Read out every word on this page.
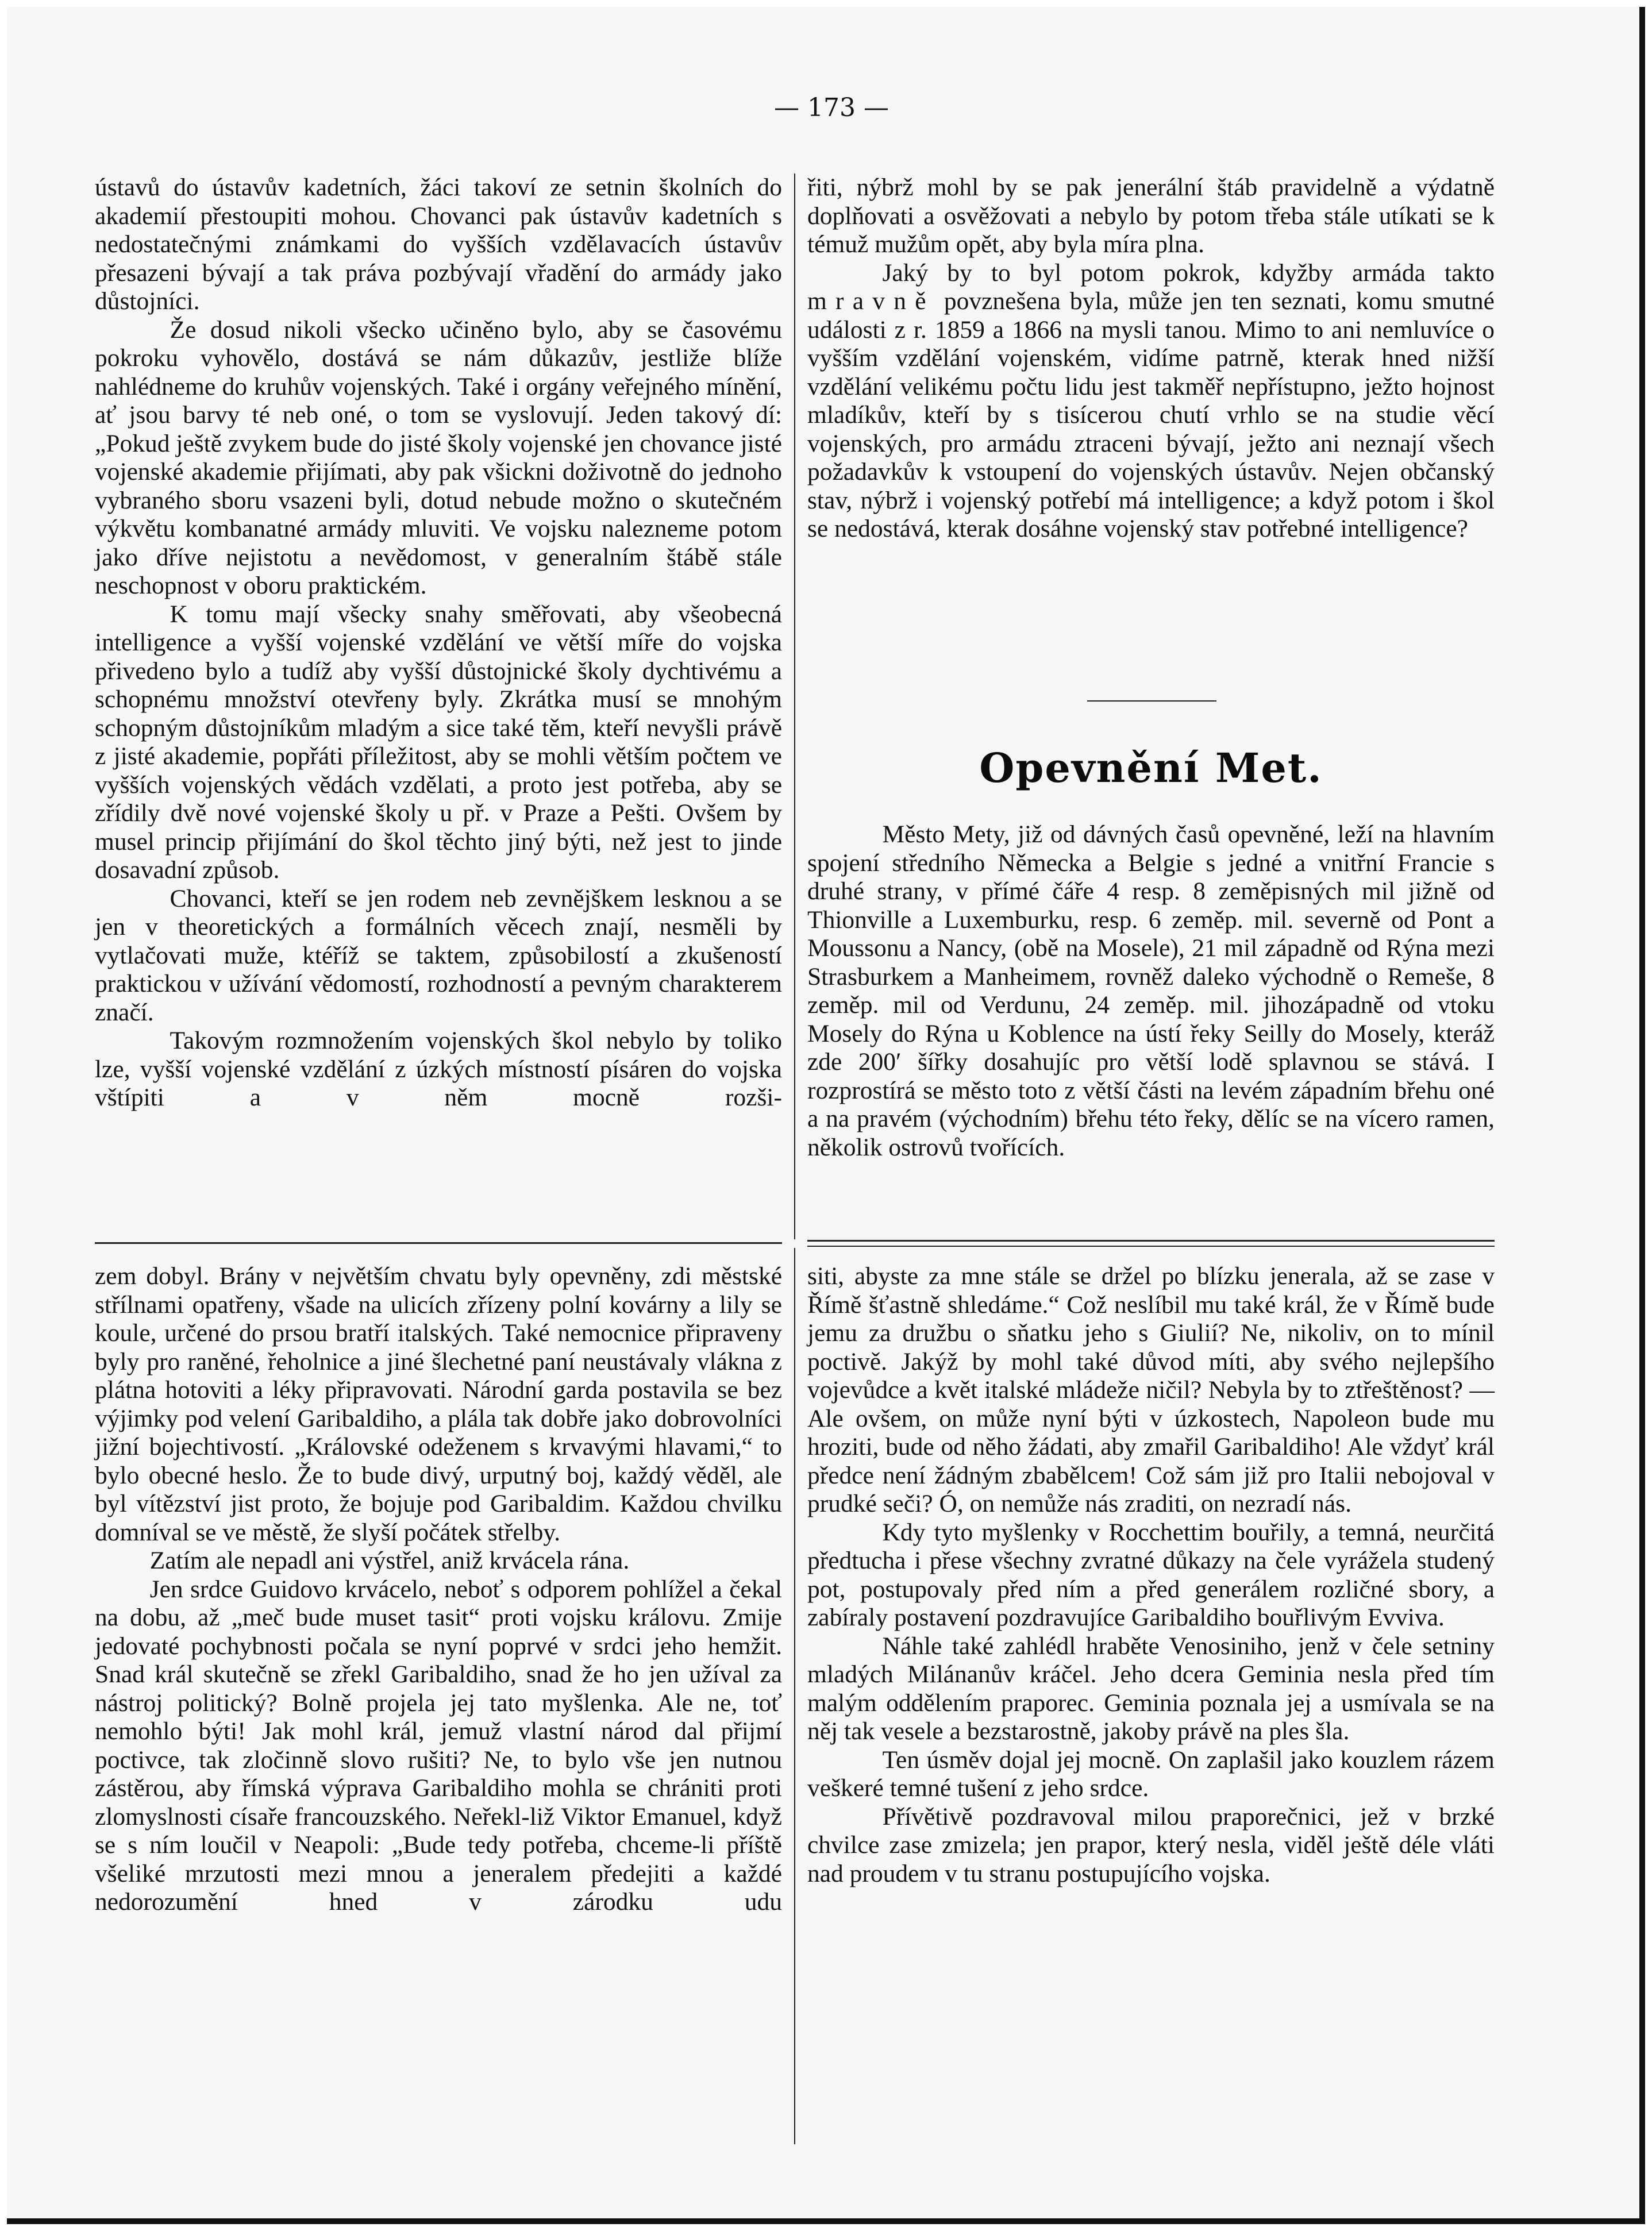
— 173 —

ústavů do ústavův kadetních, žáci takoví ze setnin školních do akademií přestoupiti mohou. Chovanci pak ústavův kadetních s nedostatečnými známkami do vyšších vzdělavacích ústavův přesazeni bývají a tak práva pozbývají vřadění do armády jako důstojníci.

Že dosud nikoli všecko učiněno bylo, aby se časovému pokroku vyhovělo, dostává se nám důkazův, jestliže blíže nahlédneme do kruhův vojenských. Také i orgány veřejného mínění, ať jsou barvy té neb oné, o tom se vyslovují. Jeden takový dí: „Pokud ještě zvykem bude do jisté školy vojenské jen chovance jisté vojenské akademie přijímati, aby pak všickni doživotně do jednoho vybraného sboru vsazeni byli, dotud nebude možno o skutečném výkvětu kombanatné armády mluviti. Ve vojsku nalezneme potom jako dříve nejistotu a nevědomost, v generalním štábě stále neschopnost v oboru praktickém.

K tomu mají všecky snahy směřovati, aby všeobecná intelligence a vyšší vojenské vzdělání ve větší míře do vojska přivedeno bylo a tudíž aby vyšší důstojnické školy dychtivému a schopnému množství otevřeny byly. Zkrátka musí se mnohým schopným důstojníkům mladým a sice také těm, kteří nevyšli právě z jisté akademie, popřáti příležitost, aby se mohli větším počtem ve vyšších vojenských vědách vzdělati, a proto jest potřeba, aby se zřídily dvě nové vojenské školy u př. v Praze a Pešti. Ovšem by musel princip přijímání do škol těchto jiný býti, než jest to jinde dosavadní způsob.

Chovanci, kteří se jen rodem neb zevnějškem lesknou a se jen v theoretických a formálních věcech znají, nesměli by vytlačovati muže, ktéříž se taktem, způsobilostí a zkušeností praktickou v užívání vědomostí, rozhodností a pevným charakterem značí.

Takovým rozmnožením vojenských škol nebylo by toliko lze, vyšší vojenské vzdělání z úzkých místností písáren do vojska vštípiti a v něm mocně rozši-

řiti, nýbrž mohl by se pak jenerální štáb pravidelně a výdatně doplňovati a osvěžovati a nebylo by potom třeba stále utíkati se k témuž mužům opět, aby byla míra plna.

Jaký by to byl potom pokrok, kdyžby armáda takto mravně povznešena byla, může jen ten seznati, komu smutné události z r. 1859 a 1866 na mysli tanou. Mimo to ani nemluvíce o vyšším vzdělání vojenském, vidíme patrně, kterak hned nižší vzdělání velikému počtu lidu jest takměř nepřístupno, ježto hojnost mladíkův, kteří by s tisícerou chutí vrhlo se na studie věcí vojenských, pro armádu ztraceni bývají, ježto ani neznají všech požadavkův k vstoupení do vojenských ústavův. Nejen občanský stav, nýbrž i vojenský potřebí má intelligence; a když potom i škol se nedostává, kterak dosáhne vojenský stav potřebné intelligence?

Opevnění Met.

Město Mety, již od dávných časů opevněné, leží na hlavním spojení středního Německa a Belgie s jedné a vnitřní Francie s druhé strany, v přímé čáře 4 resp. 8 zeměpisných mil jižně od Thionville a Luxemburku, resp. 6 zeměp. mil. severně od Pont a Moussonu a Nancy, (obě na Mosele), 21 mil západně od Rýna mezi Strasburkem a Manheimem, rovněž daleko východně o Remeše, 8 zeměp. mil od Verdunu, 24 zeměp. mil. jihozápadně od vtoku Mosely do Rýna u Koblence na ústí řeky Seilly do Mosely, kteráž zde 200′ šířky dosahujíc pro větší lodě splavnou se stává. I rozprostírá se město toto z větší části na levém západním břehu oné a na pravém (východním) břehu této řeky, dělíc se na vícero ramen, několik ostrovů tvořících.

zem dobyl. Brány v největším chvatu byly opevněny, zdi městské střílnami opatřeny, všade na ulicích zřízeny polní kovárny a lily se koule, určené do prsou bratří italských. Také nemocnice připraveny byly pro raněné, řeholnice a jiné šlechetné paní neustávaly vlákna z plátna hotoviti a léky připravovati. Národní garda postavila se bez výjimky pod velení Garibaldiho, a plála tak dobře jako dobrovolníci jižní bojechtivostí. „Královské odeženem s krvavými hlavami,“ to bylo obecné heslo. Že to bude divý, urputný boj, každý věděl, ale byl vítězství jist proto, že bojuje pod Garibaldim. Každou chvilku domníval se ve městě, že slyší počátek střelby.

Zatím ale nepadl ani výstřel, aniž krvácela rána.

Jen srdce Guidovo krvácelo, neboť s odporem pohlížel a čekal na dobu, až „meč bude muset tasit“ proti vojsku královu. Zmije jedovaté pochybnosti počala se nyní poprvé v srdci jeho hemžit. Snad král skutečně se zřekl Garibaldiho, snad že ho jen užíval za nástroj politický? Bolně projela jej tato myšlenka. Ale ne, toť nemohlo býti! Jak mohl král, jemuž vlastní národ dal přijmí poctivce, tak zločinně slovo rušiti? Ne, to bylo vše jen nutnou zástěrou, aby římská výprava Garibaldiho mohla se chrániti proti zlomyslnosti císaře francouzského. Neřekl-liž Viktor Emanuel, když se s ním loučil v Neapoli: „Bude tedy potřeba, chceme-li příště všeliké mrzutosti mezi mnou a jeneralem předejiti a každé nedorozumění hned v zárodku udu

siti, abyste za mne stále se držel po blízku jenerala, až se zase v Římě šťastně shledáme.“ Což neslíbil mu také král, že v Římě bude jemu za družbu o sňatku jeho s Giulií? Ne, nikoliv, on to mínil poctivě. Jakýž by mohl také důvod míti, aby svého nejlepšího vojevůdce a květ italské mládeže ničil? Nebyla by to ztřeštěnost? — Ale ovšem, on může nyní býti v úzkostech, Napoleon bude mu hroziti, bude od něho žádati, aby zmařil Garibaldiho! Ale vždyť král předce není žádným zbabělcem! Což sám již pro Italii nebojoval v prudké seči? Ó, on nemůže nás zraditi, on nezradí nás.

Kdy tyto myšlenky v Rocchettim bouřily, a temná, neurčitá předtucha i přese všechny zvratné důkazy na čele vyrážela studený pot, postupovaly před ním a před generálem rozličné sbory, a zabíraly postavení pozdravujíce Garibaldiho bouřlivým Evviva.

Náhle také zahlédl hraběte Venosiniho, jenž v čele setniny mladých Milánanův kráčel. Jeho dcera Geminia nesla před tím malým oddělením praporec. Geminia poznala jej a usmívala se na něj tak vesele a bezstarostně, jakoby právě na ples šla.

Ten úsměv dojal jej mocně. On zaplašil jako kouzlem rázem veškeré temné tušení z jeho srdce.

Přívětivě pozdravoval milou praporečnici, jež v brzké chvilce zase zmizela; jen prapor, který nesla, viděl ještě déle vláti nad proudem v tu stranu postupujícího vojska.
